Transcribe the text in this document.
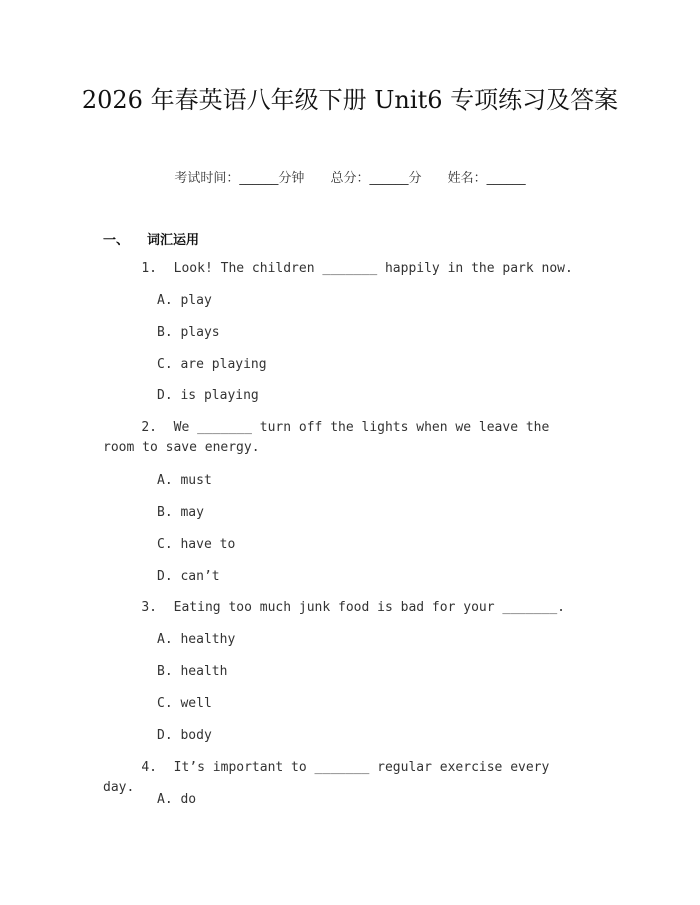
2026 年春英语八年级下册 Unit6 专项练习及答案
考试时间：______分钟 总分：______分 姓名：______
一、 词汇运用
1. Look! The children _______ happily in the park now.
A. play
B. plays
C. are playing
D. is playing
2. We _______ turn off the lights when we leave the room to save energy.
A. must
B. may
C. have to
D. can’t
3. Eating too much junk food is bad for your _______.
A. healthy
B. health
C. well
D. body
4. It’s important to _______ regular exercise every day.
A. do
